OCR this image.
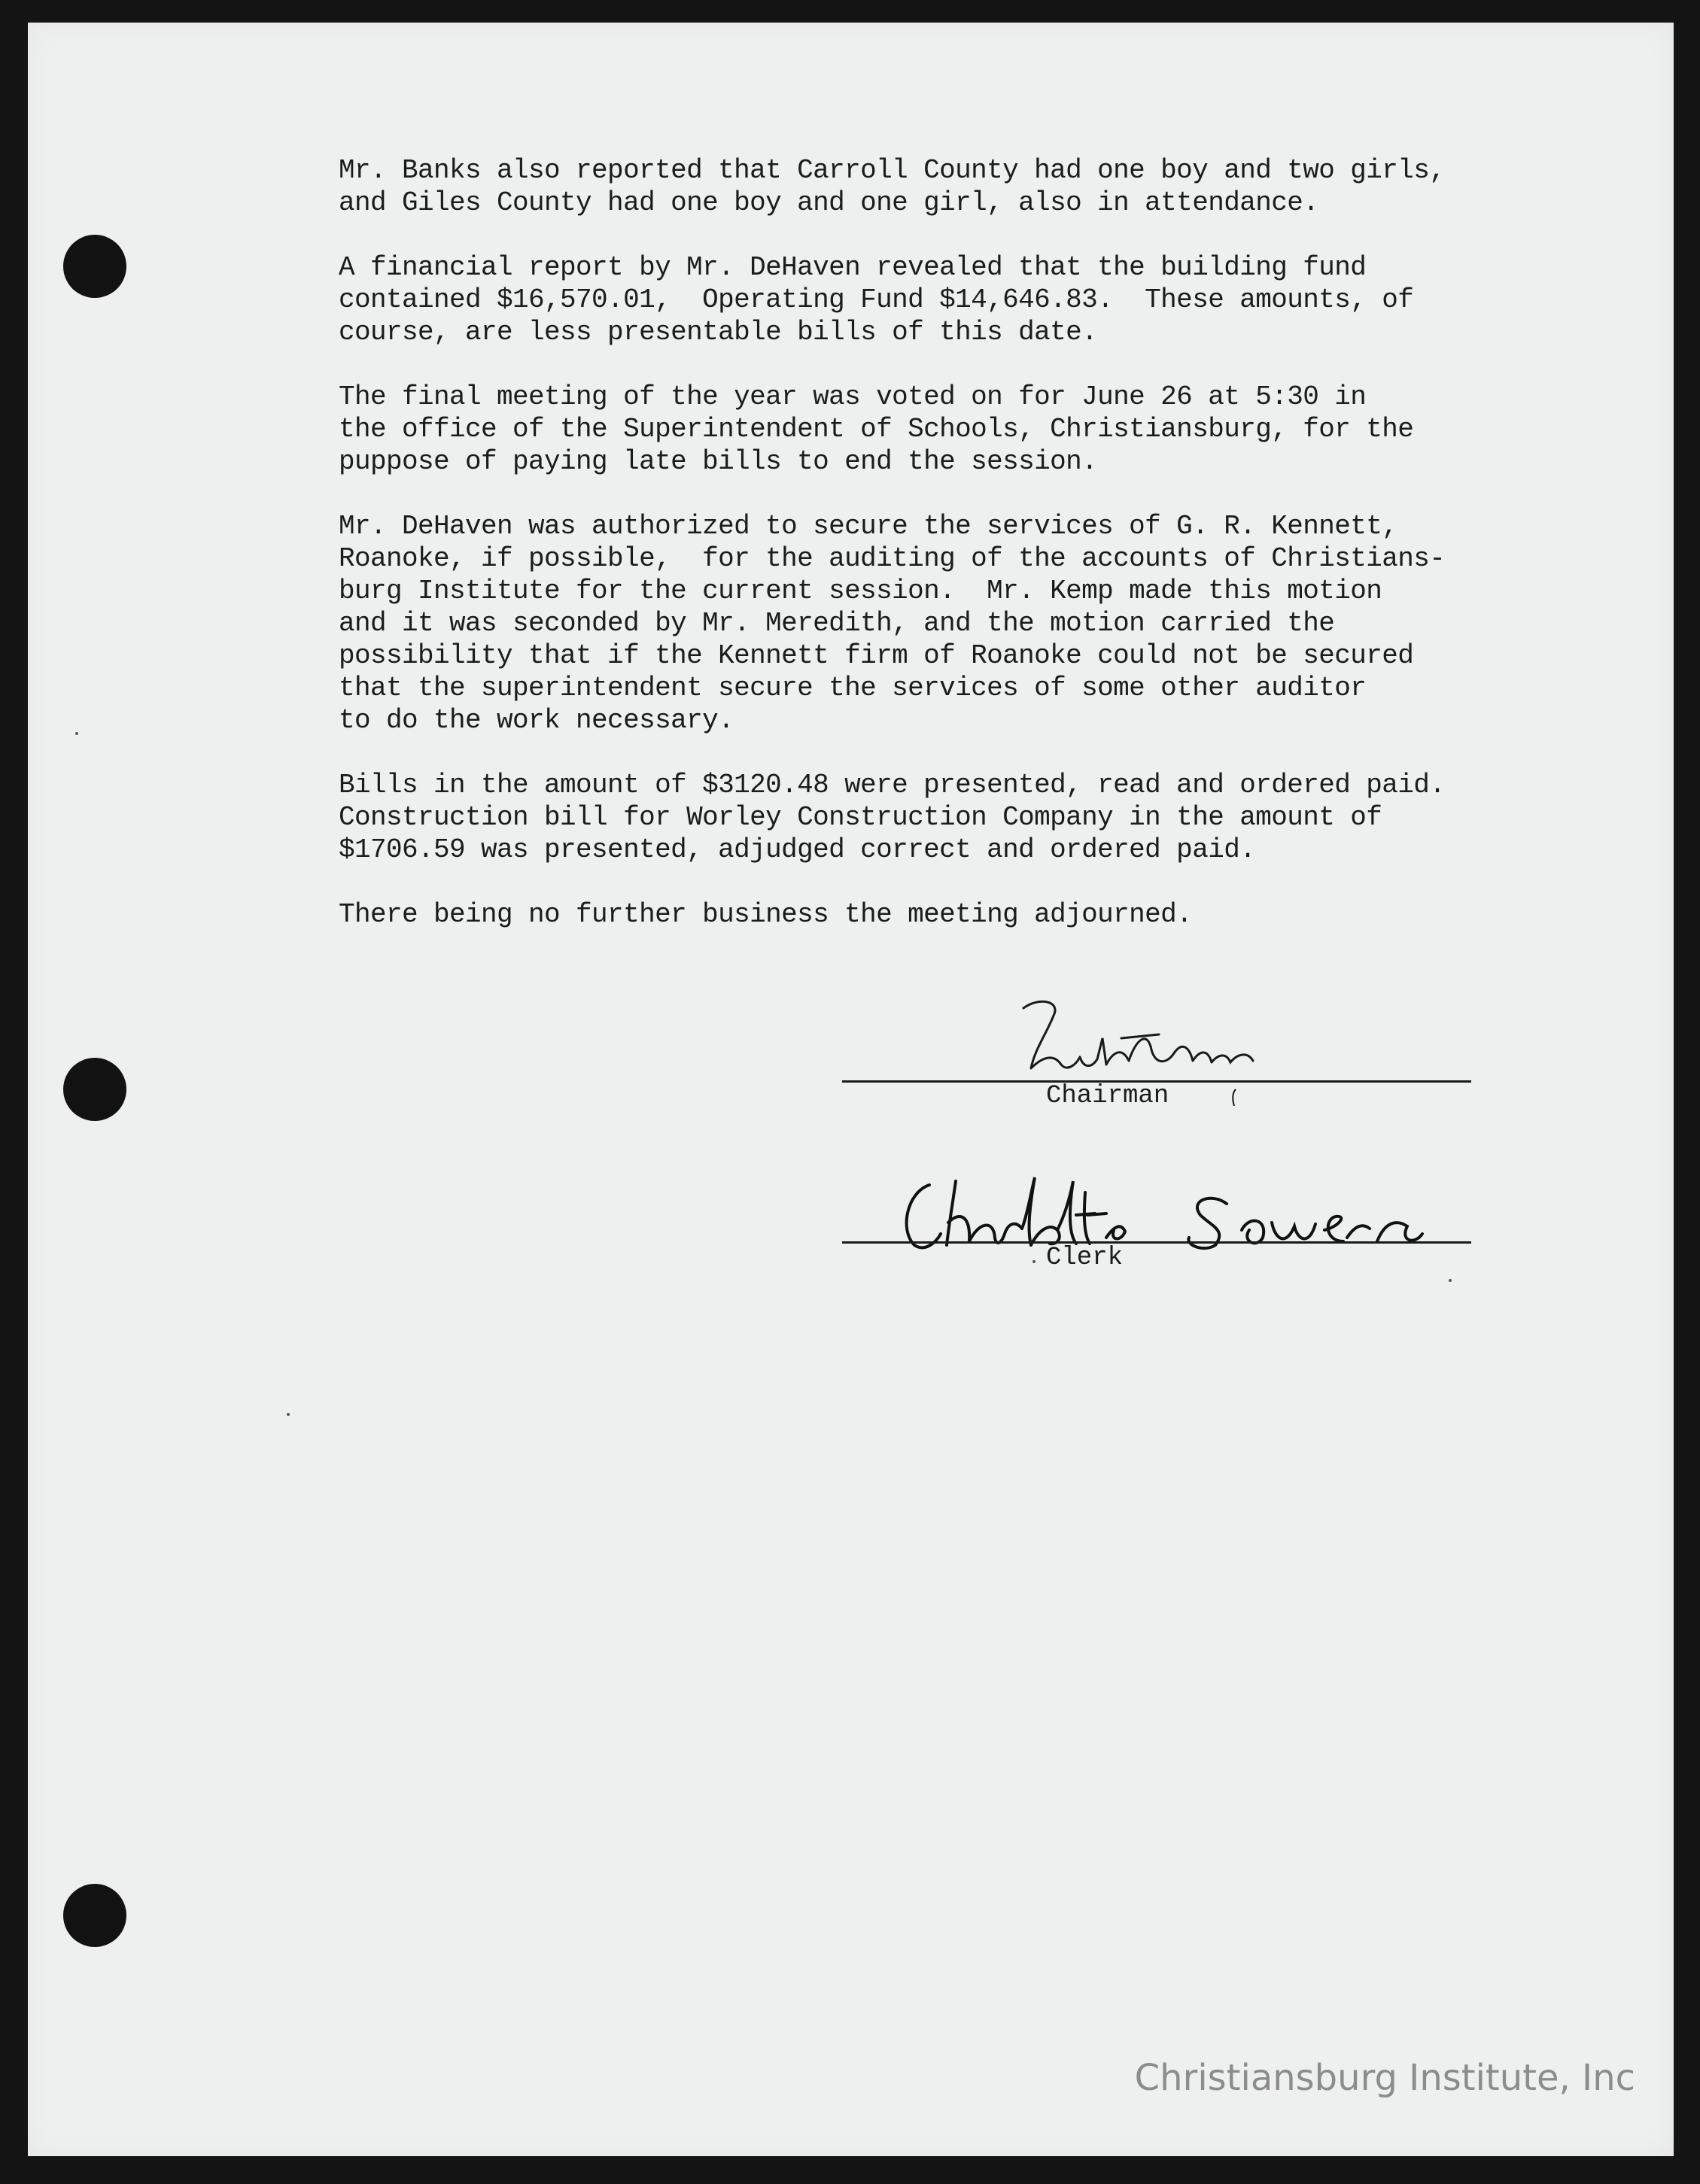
Mr. Banks also reported that Carroll County had one boy and two girls,
and Giles County had one boy and one girl, also in attendance.

A financial report by Mr. DeHaven revealed that the building fund
contained $16,570.01,  Operating Fund $14,646.83.  These amounts, of
course, are less presentable bills of this date.

The final meeting of the year was voted on for June 26 at 5:30 in
the office of the Superintendent of Schools, Christiansburg, for the
puppose of paying late bills to end the session.

Mr. DeHaven was authorized to secure the services of G. R. Kennett,
Roanoke, if possible,  for the auditing of the accounts of Christians-
burg Institute for the current session.  Mr. Kemp made this motion
and it was seconded by Mr. Meredith, and the motion carried the
possibility that if the Kennett firm of Roanoke could not be secured
that the superintendent secure the services of some other auditor
to do the work necessary.

Bills in the amount of $3120.48 were presented, read and ordered paid.
Construction bill for Worley Construction Company in the amount of
$1706.59 was presented, adjudged correct and ordered paid.

There being no further business the meeting adjourned.

Chairman
Clerk
Christiansburg Institute, Inc
